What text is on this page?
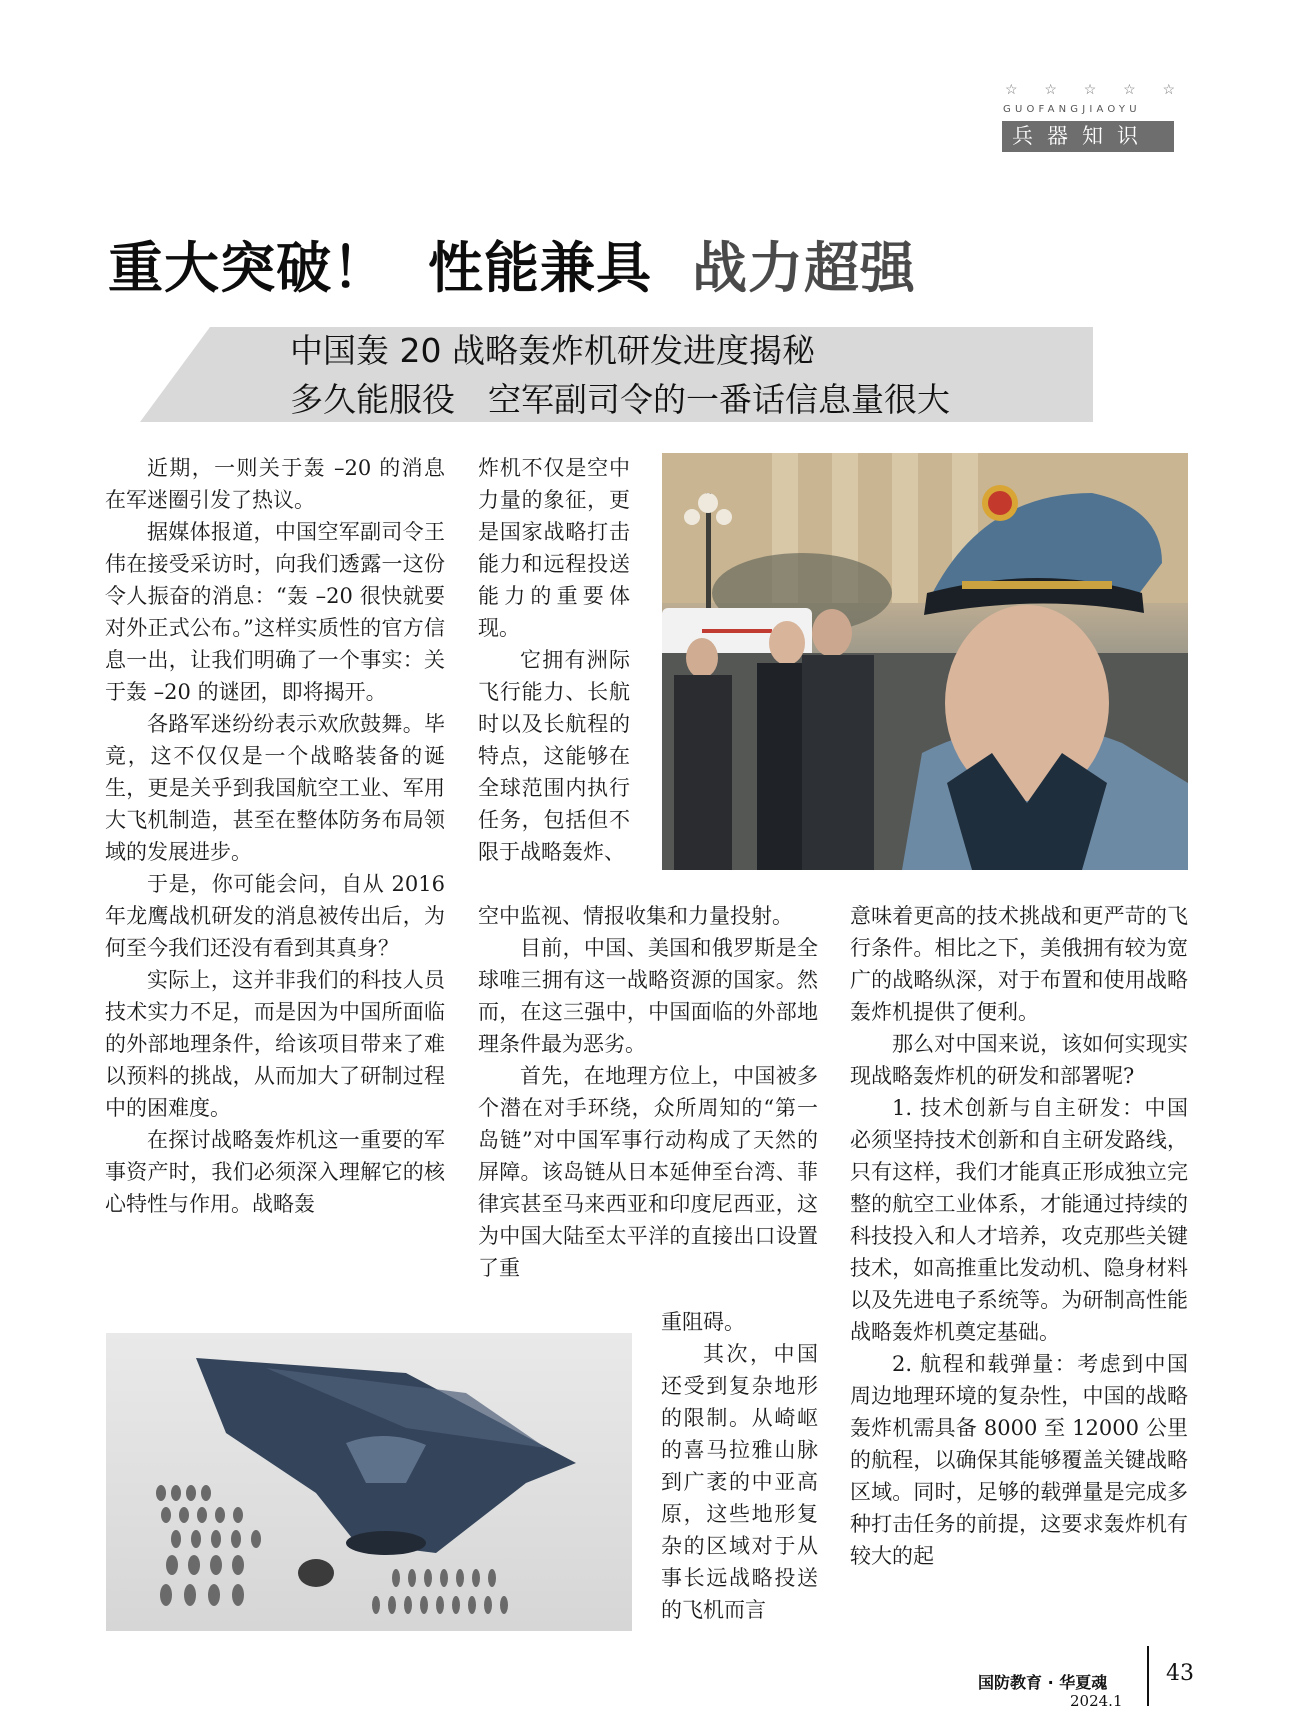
☆ ☆ ☆ ☆ ☆
GUOFANGJIAOYU
兵器知识
重大突破！ 性能兼具 战力超强
中国轰 20 战略轰炸机研发进度揭秘
多久能服役　空军副司令的一番话信息量很大

近期，一则关于轰 –20 的消息在军迷圈引发了热议。

据媒体报道，中国空军副司令王伟在接受采访时，向我们透露一这份令人振奋的消息：“轰 –20 很快就要对外正式公布。”这样实质性的官方信息一出，让我们明确了一个事实：关于轰 –20 的谜团，即将揭开。

各路军迷纷纷表示欢欣鼓舞。毕竟，这不仅仅是一个战略装备的诞生，更是关乎到我国航空工业、军用大飞机制造，甚至在整体防务布局领域的发展进步。

于是，你可能会问，自从 2016 年龙鹰战机研发的消息被传出后，为何至今我们还没有看到其真身？

实际上，这并非我们的科技人员技术实力不足，而是因为中国所面临的外部地理条件，给该项目带来了难以预料的挑战，从而加大了研制过程中的困难度。

在探讨战略轰炸机这一重要的军事资产时，我们必须深入理解它的核心特性与作用。战略轰

炸机不仅是空中力量的象征，更是国家战略打击能力和远程投送能力的重要体现。

它拥有洲际飞行能力、长航时以及长航程的特点，这能够在全球范围内执行任务，包括但不限于战略轰炸、

空中监视、情报收集和力量投射。

目前，中国、美国和俄罗斯是全球唯三拥有这一战略资源的国家。然而，在这三强中，中国面临的外部地理条件最为恶劣。

首先，在地理方位上，中国被多个潜在对手环绕，众所周知的“第一岛链”对中国军事行动构成了天然的屏障。该岛链从日本延伸至台湾、菲律宾甚至马来西亚和印度尼西亚，这为中国大陆至太平洋的直接出口设置了重

重阻碍。

其次，中国还受到复杂地形的限制。从崎岖的喜马拉雅山脉到广袤的中亚高原，这些地形复杂的区域对于从事长远战略投送的飞机而言

意味着更高的技术挑战和更严苛的飞行条件。相比之下，美俄拥有较为宽广的战略纵深，对于布置和使用战略轰炸机提供了便利。

那么对中国来说，该如何实现实现战略轰炸机的研发和部署呢?

1. 技术创新与自主研发：中国必须坚持技术创新和自主研发路线，只有这样，我们才能真正形成独立完整的航空工业体系，才能通过持续的科技投入和人才培养，攻克那些关键技术，如高推重比发动机、隐身材料以及先进电子系统等。为研制高性能战略轰炸机奠定基础。

2. 航程和载弹量：考虑到中国周边地理环境的复杂性，中国的战略轰炸机需具备 8000 至 12000 公里的航程，以确保其能够覆盖关键战略区域。同时，足够的载弹量是完成多种打击任务的前提，这要求轰炸机有较大的起

国防教育 · 华夏魂
2024.1
43
